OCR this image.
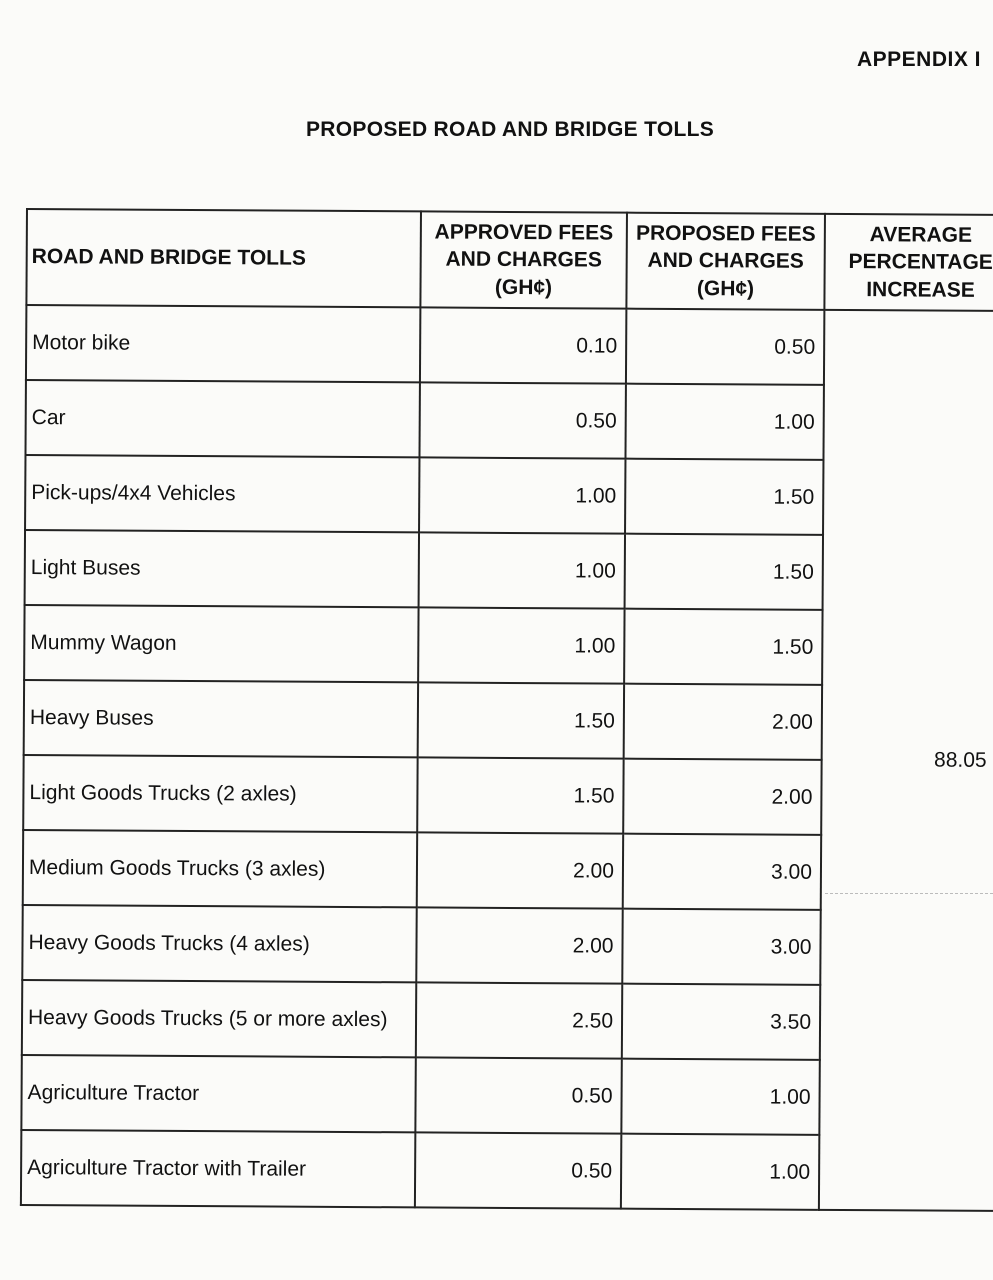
APPENDIX I
PROPOSED ROAD AND BRIDGE TOLLS
ROAD AND BRIDGE TOLLS	APPROVED FEES AND CHARGES (GH¢)	PROPOSED FEES AND CHARGES (GH¢)	AVERAGE PERCENTAGE INCREASE
Motor bike	0.10	0.50	88.05
Car	0.50	1.00	
Pick-ups/4x4 Vehicles	1.00	1.50	
Light Buses	1.00	1.50	
Mummy Wagon	1.00	1.50	
Heavy Buses	1.50	2.00	
Light Goods Trucks (2 axles)	1.50	2.00	
Medium Goods Trucks (3 axles)	2.00	3.00	
Heavy Goods Trucks (4 axles)	2.00	3.00	
Heavy Goods Trucks (5 or more axles)	2.50	3.50	
Agriculture Tractor	0.50	1.00	
Agriculture Tractor with Trailer	0.50	1.00	
